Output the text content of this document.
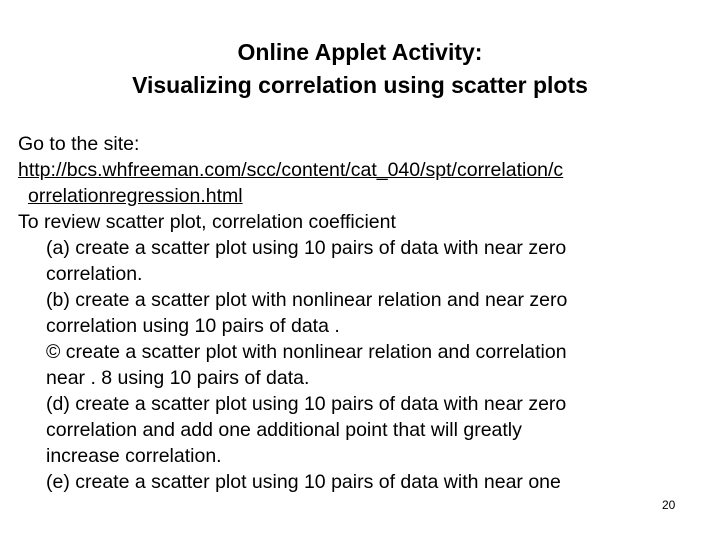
Online Applet Activity:
Visualizing correlation using scatter plots

Go to the site:

http://bcs.whfreeman.com/scc/content/cat_040/spt/correlation/c

orrelationregression.html

To review scatter plot, correlation coefficient

(a) create a scatter plot using 10 pairs of data with near zero

correlation.

(b) create a scatter plot with nonlinear relation and near zero

correlation using 10 pairs of data .

© create a scatter plot with nonlinear relation and correlation

near . 8 using 10 pairs of data.

(d) create a scatter plot using 10 pairs of data with near zero

correlation and add one additional point that will greatly

increase correlation.

(e) create a scatter plot using 10 pairs of data with near one

20
